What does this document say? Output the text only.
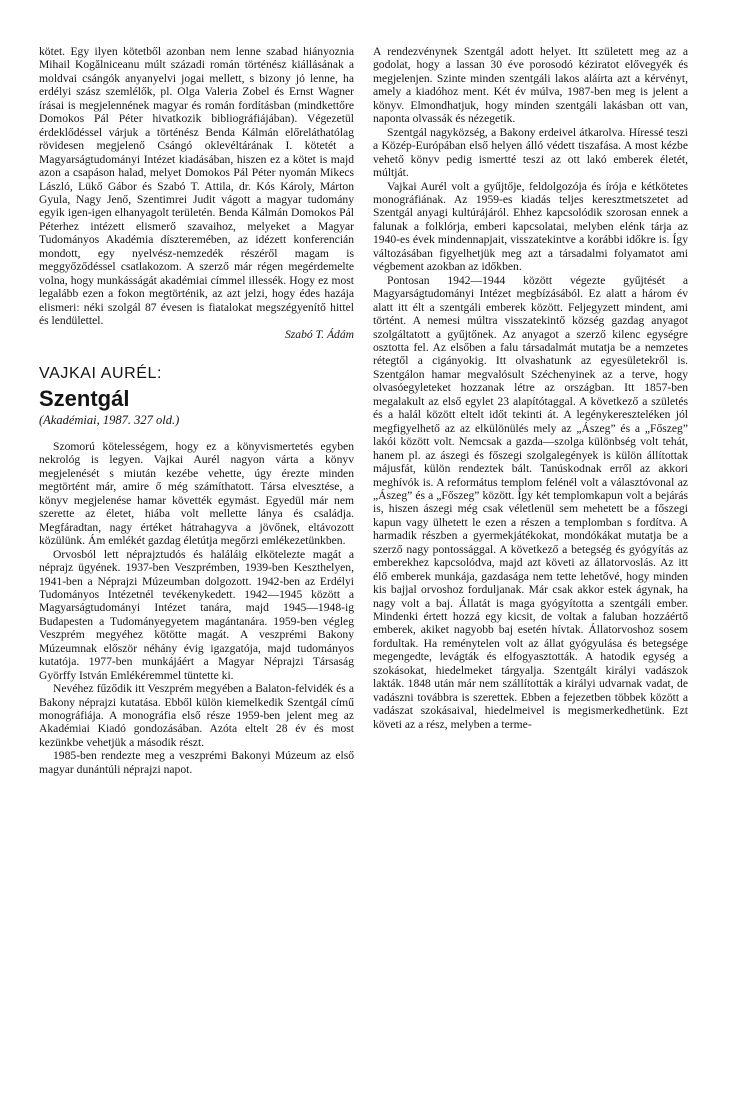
kötet. Egy ilyen kötetből azonban nem lenne szabad hiányoznia Mihail Kogălniceanu múlt századi román történész kiállásának a moldvai csángók anyanyelvi jogai mellett, s bizony jó lenne, ha erdélyi szász szemlélők, pl. Olga Valeria Zobel és Ernst Wagner írásai is megjelennének magyar és román fordításban (mindkettőre Domokos Pál Péter hivatkozik bibliográfiájában). Végezetül érdeklődéssel várjuk a történész Benda Kálmán előreláthatólag rövidesen megjelenő Csángó oklevéltárának I. kötetét a Magyarságtudományi Intézet kiadásában, hiszen ez a kötet is majd azon a csapáson halad, melyet Domokos Pál Péter nyomán Mikecs László, Lükő Gábor és Szabó T. Attila, dr. Kós Károly, Márton Gyula, Nagy Jenő, Szentimrei Judit vágott a magyar tudomány egyik igen-igen elhanyagolt területén. Benda Kálmán Domokos Pál Péterhez intézett elismerő szavaihoz, melyeket a Magyar Tudományos Akadémia díszteremében, az idézett konferencián mondott, egy nyelvész-nemzedék részéről magam is meggyőződéssel csatlakozom. A szerző már régen megérdemelte volna, hogy munkásságát akadémiai címmel illessék. Hogy ez most legalább ezen a fokon megtörténik, az azt jelzi, hogy édes hazája elismeri: néki szolgál 87 évesen is fiatalokat megszégyenítő hittel és lendülettel.

Szabó T. Ádám

VAJKAI AURÉL:
Szentgál
(Akadémiai, 1987. 327 old.)

Szomorú kötelességem, hogy ez a könyvismertetés egyben nekrológ is legyen. Vajkai Aurél nagyon várta a könyv megjelenését s miután kezébe vehette, úgy érezte minden megtörtént már, amire ő még számíthatott. Társa elvesztése, a könyv megjelenése hamar követték egymást. Egyedül már nem szerette az életet, hiába volt mellette lánya és családja. Megfáradtan, nagy értéket hátrahagyva a jövőnek, eltávozott közülünk. Ám emlékét gazdag életútja megőrzi emlékezetünkben.

Orvosból lett néprajztudós és haláláig elkötelezte magát a néprajz ügyének. 1937-ben Veszprémben, 1939-ben Keszthelyen, 1941-ben a Néprajzi Múzeumban dolgozott. 1942-ben az Erdélyi Tudományos Intézetnél tevékenykedett. 1942—1945 között a Magyarságtudományi Intézet tanára, majd 1945—1948-ig Budapesten a Tudományegyetem magántanára. 1959-ben végleg Veszprém megyéhez kötötte magát. A veszprémi Bakony Múzeumnak először néhány évig igazgatója, majd tudományos kutatója. 1977-ben munkájáért a Magyar Néprajzi Társaság Györffy István Emlékéremmel tüntette ki.

Nevéhez fűződik itt Veszprém megyében a Balaton-felvidék és a Bakony néprajzi kutatása. Ebből külön kiemelkedik Szentgál című monográfiája. A monográfia első része 1959-ben jelent meg az Akadémiai Kiadó gondozásában. Azóta eltelt 28 év és most kezünkbe vehetjük a második részt.

1985-ben rendezte meg a veszprémi Bakonyi Múzeum az első magyar dunántúli néprajzi napot.

A rendezvénynek Szentgál adott helyet. Itt született meg az a godolat, hogy a lassan 30 éve porosodó kéziratot elővegyék és megjelenjen. Szinte minden szentgáli lakos aláírta azt a kérvényt, amely a kiadóhoz ment. Két év múlva, 1987-ben meg is jelent a könyv. Elmondhatjuk, hogy minden szentgáli lakásban ott van, naponta olvassák és nézegetik.

Szentgál nagyközség, a Bakony erdeivel átkarolva. Híressé teszi a Közép-Európában első helyen álló védett tiszafása. A most kézbe vehető könyv pedig ismertté teszi az ott lakó emberek életét, múltját.

Vajkai Aurél volt a gyűjtője, feldolgozója és írója e kétkötetes monográfiának. Az 1959-es kiadás teljes keresztmetszetet ad Szentgál anyagi kultúrájáról. Ehhez kapcsolódik szorosan ennek a falunak a folklórja, emberi kapcsolatai, melyben elénk tárja az 1940-es évek mindennapjait, visszatekintve a korábbi időkre is. Így változásában figyelhetjük meg azt a társadalmi folyamatot ami végbement azokban az időkben.

Pontosan 1942—1944 között végezte gyűjtését a Magyarságtudományi Intézet megbízásából. Ez alatt a három év alatt itt élt a szentgáli emberek között. Feljegyzett mindent, ami történt. A nemesi múltra visszatekintő község gazdag anyagot szolgáltatott a gyűjtőnek. Az anyagot a szerző kilenc egységre osztotta fel. Az elsőben a falu társadalmát mutatja be a nemzetes rétegtől a cigányokig. Itt olvashatunk az egyesületekről is. Szentgálon hamar megvalósult Széchenyinek az a terve, hogy olvasóegyleteket hozzanak létre az országban. Itt 1857-ben megalakult az első egylet 23 alapítótaggal. A következő a születés és a halál között eltelt időt tekinti át. A legénykereszteléken jól megfigyelhető az az elkülönülés mely az „Ászeg” és a „Főszeg” lakói között volt. Nemcsak a gazda—szolga különbség volt tehát, hanem pl. az ászegi és főszegi szolgalegények is külön állítottak májusfát, külön rendeztek bált. Tanúskodnak erről az akkori meghívók is. A református templom felénél volt a választóvonal az „Ászeg” és a „Főszeg” között. Így két templomkapun volt a bejárás is, hiszen ászegi még csak véletlenül sem mehetett be a főszegi kapun vagy ülhetett le ezen a részen a templomban s fordítva. A harmadik részben a gyermekjátékokat, mondókákat mutatja be a szerző nagy pontossággal. A következő a betegség és gyógyítás az emberekhez kapcsolódva, majd azt követi az állatorvoslás. Az itt élő emberek munkája, gazdasága nem tette lehetővé, hogy minden kis bajjal orvoshoz forduljanak. Már csak akkor estek ágynak, ha nagy volt a baj. Állatát is maga gyógyította a szentgáli ember. Mindenki értett hozzá egy kicsit, de voltak a faluban hozzáértő emberek, akiket nagyobb baj esetén hívtak. Állatorvoshoz sosem fordultak. Ha reménytelen volt az állat gyógyulása és betegsége megengedte, levágták és elfogyasztották. A hatodik egység a szokásokat, hiedelmeket tárgyalja. Szentgált királyi vadászok lakták. 1848 után már nem szállították a királyi udvarnak vadat, de vadászni továbbra is szerettek. Ebben a fejezetben többek között a vadászat szokásaival, hiedelmeivel is megismerkedhetünk. Ezt követi az a rész, melyben a terme-
